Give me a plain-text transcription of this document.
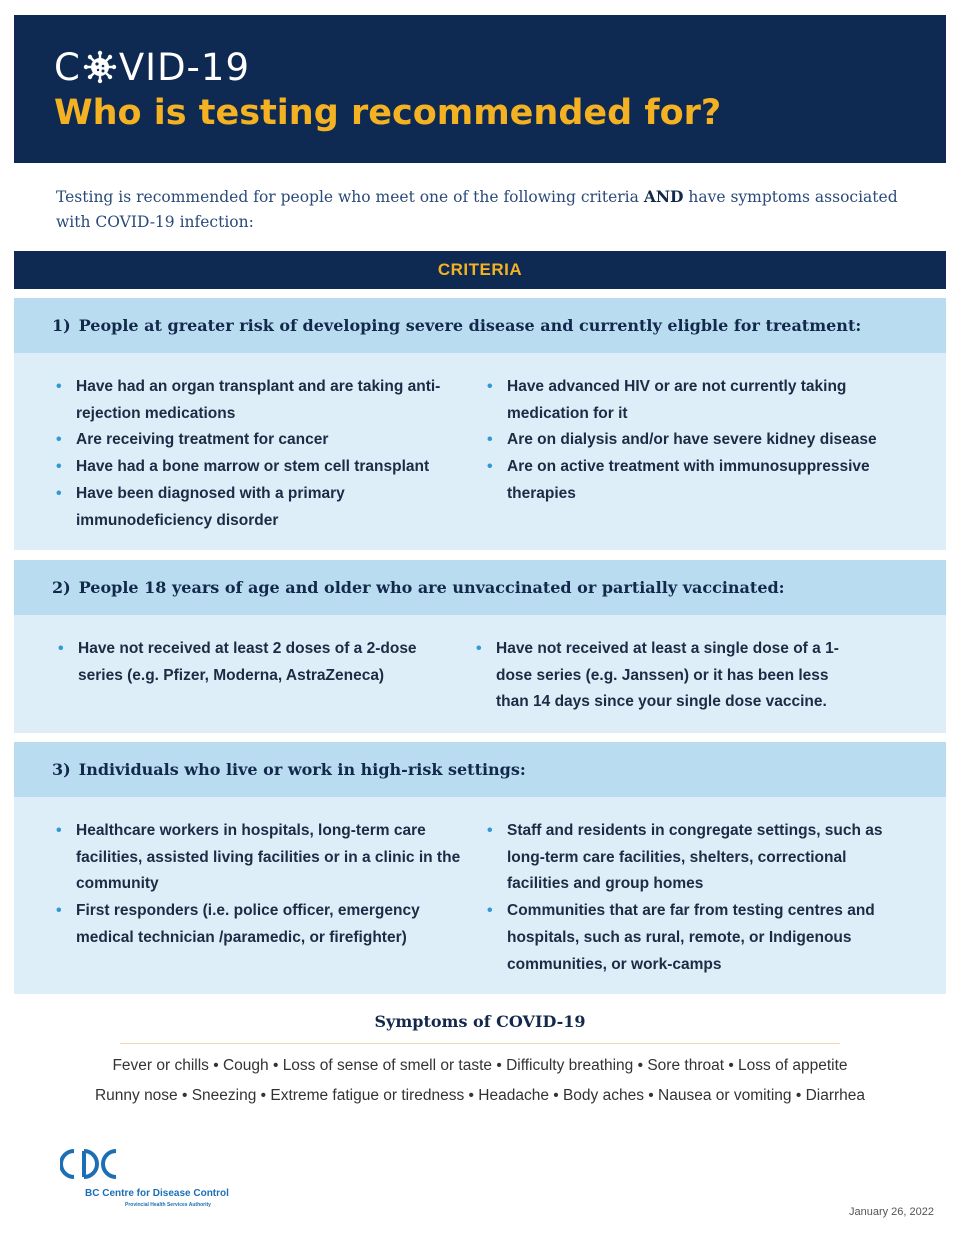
C VID-19
Who is testing recommended for?

Testing is recommended for people who meet one of the following criteria AND have symptoms associated with COVID-19 infection:

CRITERIA
1) People at greater risk of developing severe disease and currently eligble for treatment:
• Have had an organ transplant and are taking anti-rejection medications
• Are receiving treatment for cancer
• Have had a bone marrow or stem cell transplant
• Have been diagnosed with a primary immunodeficiency disorder
• Have advanced HIV or are not currently taking medication for it
• Are on dialysis and/or have severe kidney disease
• Are on active treatment with immunosuppressive therapies
2) People 18 years of age and older who are unvaccinated or partially vaccinated:
• Have not received at least 2 doses of a 2-dose series (e.g. Pfizer, Moderna, AstraZeneca)
• Have not received at least a single dose of a 1-dose series (e.g. Janssen) or it has been less than 14 days since your single dose vaccine.
3) Individuals who live or work in high-risk settings:
• Healthcare workers in hospitals, long-term care facilities, assisted living facilities or in a clinic in the community
• First responders (i.e. police officer, emergency medical technician /paramedic, or firefighter)
• Staff and residents in congregate settings, such as long-term care facilities, shelters, correctional facilities and group homes
• Communities that are far from testing centres and hospitals, such as rural, remote, or Indigenous communities, or work-camps
Symptoms of COVID-19
Fever or chills • Cough • Loss of sense of smell or taste • Difficulty breathing • Sore throat • Loss of appetite
Runny nose • Sneezing • Extreme fatigue or tiredness • Headache • Body aches • Nausea or vomiting • Diarrhea
BC Centre for Disease Control
Provincial Health Services Authority
January 26, 2022
